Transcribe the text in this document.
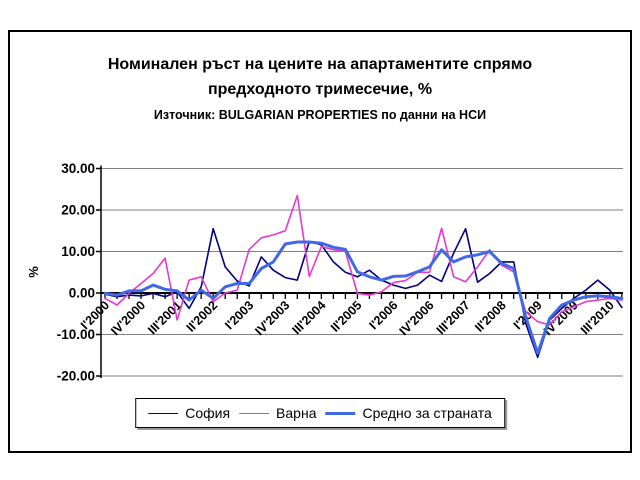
Номинален ръст на цените на апартаментите спрямо
предходното тримесечие, %
Източник: BULGARIAN PROPERTIES по данни на НСИ
30.00
20.00
10.00
0.00
-10.00
-20.00
I'2000
IV'2000
III'2001 II'2002 I'2003
IV'2003
III'2004 II'2005 I'2006
IV'2006
III'2007 II'2008 I'2009
IV'2009
III'2010
%
София	Варна	Средно за страната
